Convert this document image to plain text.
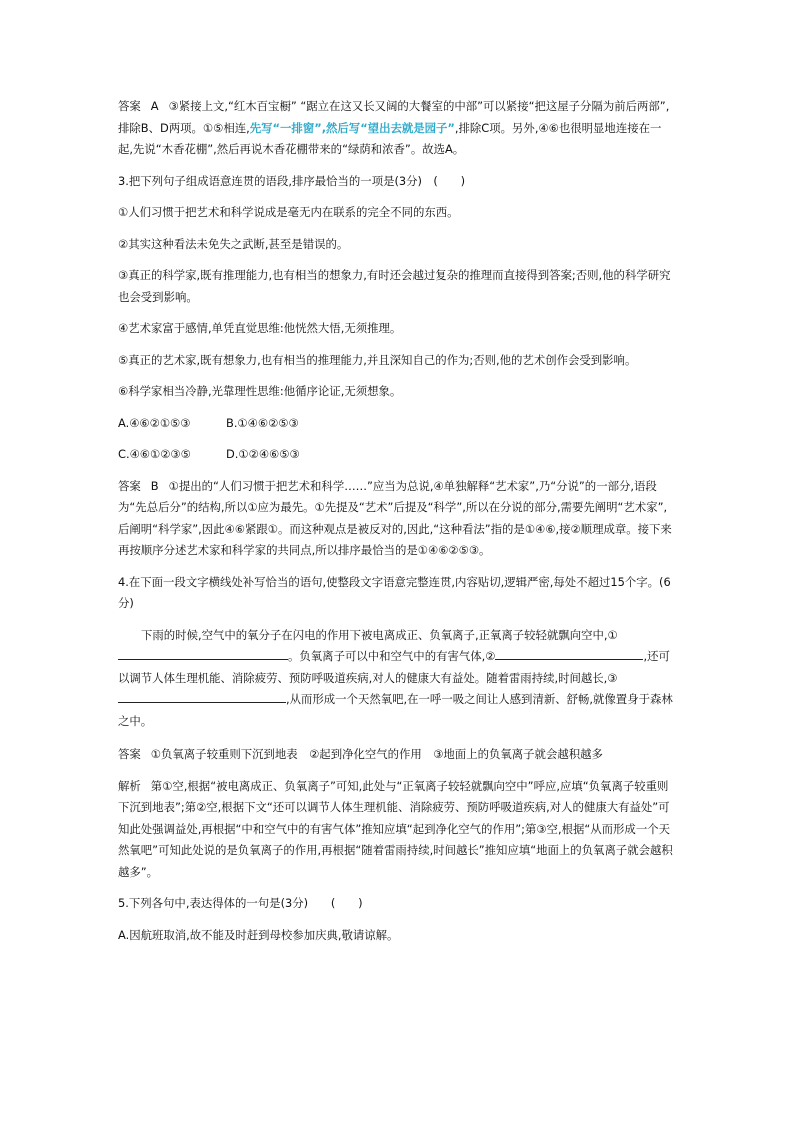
答案 A ③紧接上文,“红木百宝橱” “踞立在这又长又阔的大餐室的中部”可以紧接“把这屋子分隔为前后两部”,排除B、D两项。①⑤相连,先写“一排窗”,然后写“望出去就是园子”,排除C项。另外,④⑥也很明显地连接在一起,先说“木香花棚”,然后再说木香花棚带来的“绿荫和浓香”。故选A。

3.把下列句子组成语意连贯的语段,排序最恰当的一项是(3分)　(　　)

①人们习惯于把艺术和科学说成是毫无内在联系的完全不同的东西。

②其实这种看法未免失之武断,甚至是错误的。

③真正的科学家,既有推理能力,也有相当的想象力,有时还会越过复杂的推理而直接得到答案;否则,他的科学研究也会受到影响。

④艺术家富于感情,单凭直觉思维:他恍然大悟,无须推理。

⑤真正的艺术家,既有想象力,也有相当的推理能力,并且深知自己的作为;否则,他的艺术创作会受到影响。

⑥科学家相当冷静,光靠理性思维:他循序论证,无须想象。

A.④⑥②①⑤③	B.①④⑥②⑤③

C.④⑥①②③⑤	D.①②④⑥⑤③

答案 B ①提出的“人们习惯于把艺术和科学……”应当为总说,④单独解释“艺术家”,乃“分说”的一部分,语段为“先总后分”的结构,所以①应为最先。①先提及“艺术”后提及“科学”,所以在分说的部分,需要先阐明“艺术家”,后阐明“科学家”,因此④⑥紧跟①。而这种观点是被反对的,因此,“这种看法”指的是①④⑥,接②顺理成章。接下来再按顺序分述艺术家和科学家的共同点,所以排序最恰当的是①④⑥②⑤③。

4.在下面一段文字横线处补写恰当的语句,使整段文字语意完整连贯,内容贴切,逻辑严密,每处不超过15个字。(6分)

下雨的时候,空气中的氧分子在闪电的作用下被电离成正、负氧离子,正氧离子较轻就飘向空中,①。负氧离子可以中和空气中的有害气体,②	,还可以调节人体生理机能、消除疲劳、预防呼吸道疾病,对人的健康大有益处。随着雷雨持续,时间越长,③,从而形成一个天然氧吧,在一呼一吸之间让人感到清新、舒畅,就像置身于森林之中。

答案 ①负氧离子较重则下沉到地表　②起到净化空气的作用　③地面上的负氧离子就会越积越多

解析 第①空,根据“被电离成正、负氧离子”可知,此处与“正氧离子较轻就飘向空中”呼应,应填“负氧离子较重则下沉到地表”;第②空,根据下文“还可以调节人体生理机能、消除疲劳、预防呼吸道疾病,对人的健康大有益处”可知此处强调益处,再根据“中和空气中的有害气体”推知应填“起到净化空气的作用”;第③空,根据“从而形成一个天然氧吧”可知此处说的是负氧离子的作用,再根据“随着雷雨持续,时间越长”推知应填“地面上的负氧离子就会越积越多”。

5.下列各句中,表达得体的一句是(3分)　　(　　)

A.因航班取消,故不能及时赶到母校参加庆典,敬请谅解。
